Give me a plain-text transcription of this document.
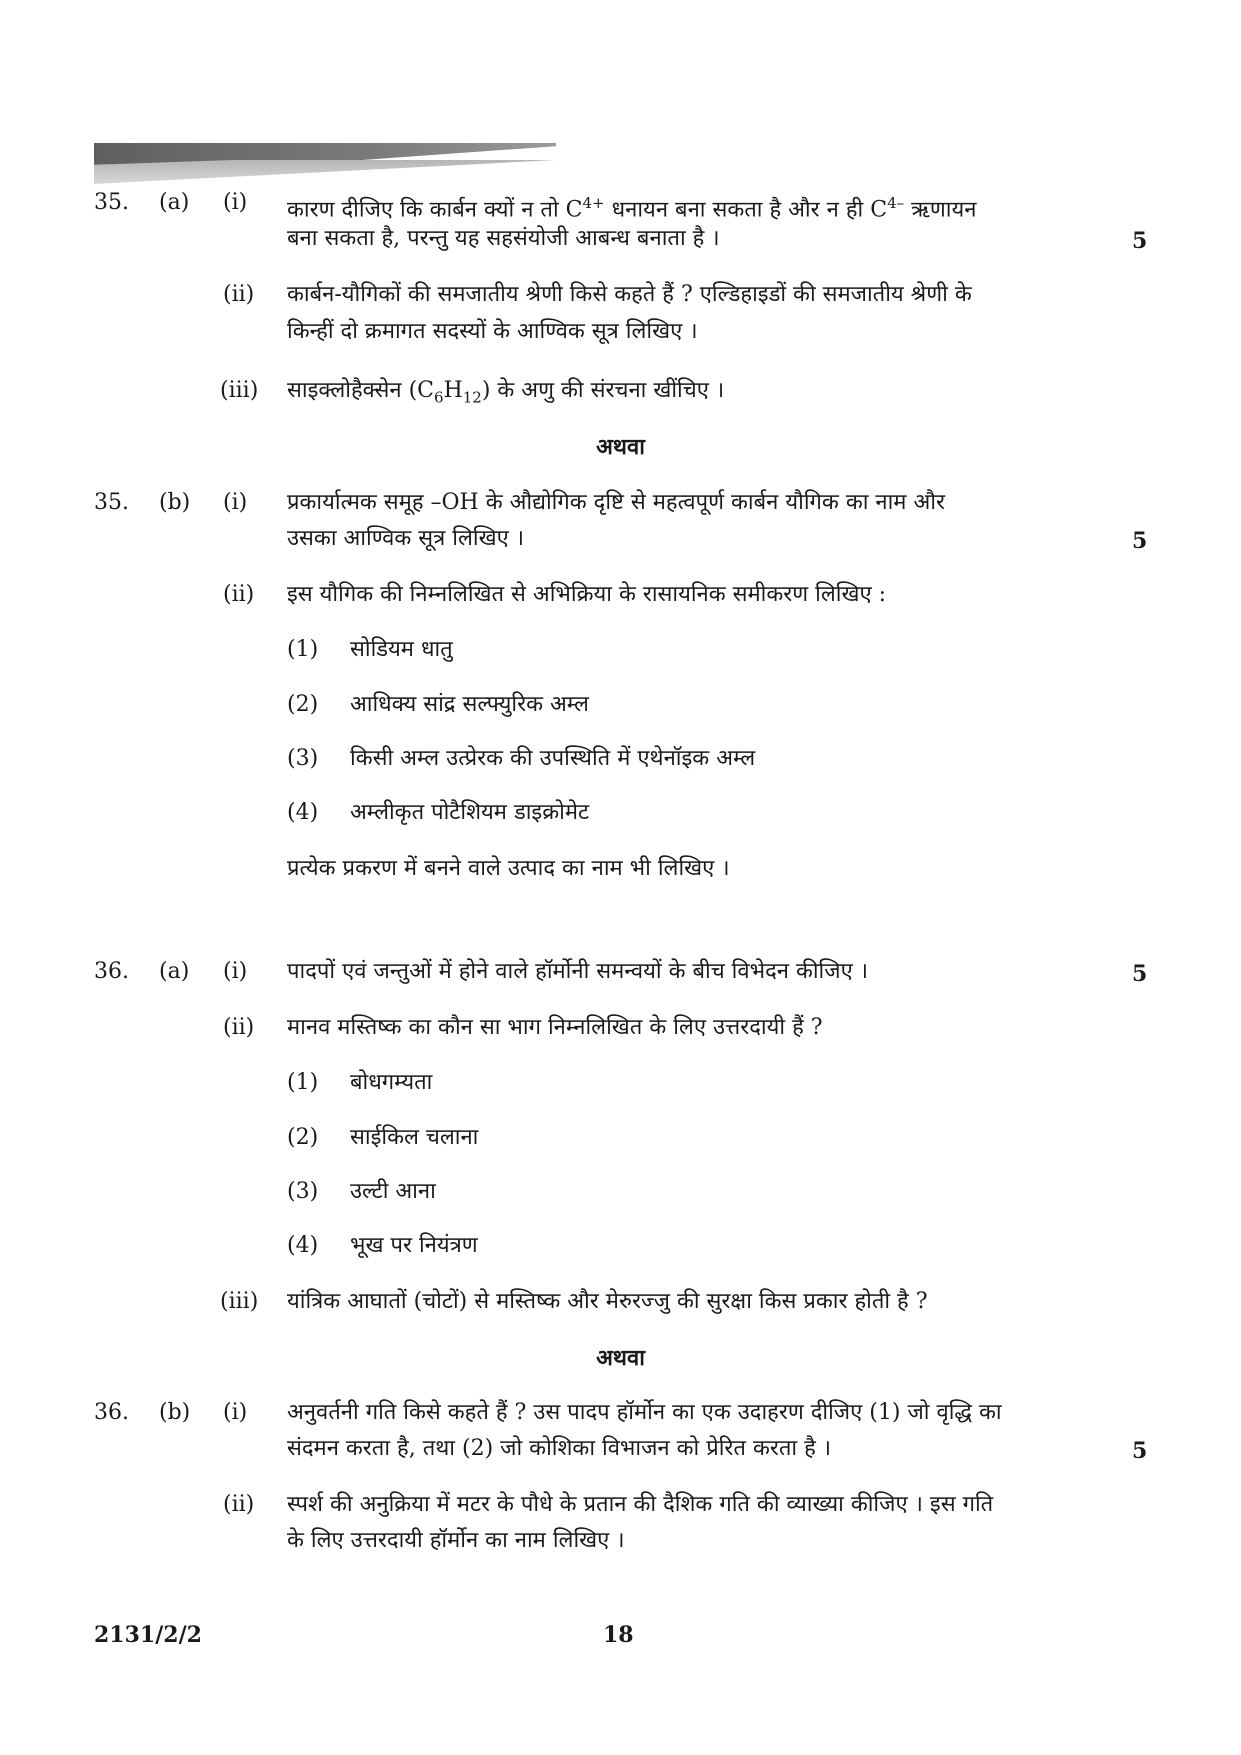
35. (a) (i) कारण दीजिए कि कार्बन क्यों न तो $C^{4+}$ धनायन बना सकता है और न ही $C^{4-}$ ऋणायन
बना सकता है, परन्तु यह सहसंयोजी आबन्ध बनाता है ।	5
(ii) कार्बन-यौगिकों की समजातीय श्रेणी किसे कहते हैं ? एल्डिहाइडों की समजातीय श्रेणी के
किन्हीं दो क्रमागत सदस्यों के आण्विक सूत्र लिखिए ।
(iii) साइक्लोहैक्सेन $(C_6H_{12})$ के अणु की संरचना खींचिए ।
अथवा
35. (b) (i) प्रकार्यात्मक समूह –OH के औद्योगिक दृष्टि से महत्वपूर्ण कार्बन यौगिक का नाम और
उसका आण्विक सूत्र लिखिए ।	5
(ii) इस यौगिक की निम्नलिखित से अभिक्रिया के रासायनिक समीकरण लिखिए :
(1) सोडियम धातु
(2) आधिक्य सांद्र सल्फ्युरिक अम्ल
(3) किसी अम्ल उत्प्रेरक की उपस्थिति में एथेनॉइक अम्ल
(4) अम्लीकृत पोटैशियम डाइक्रोमेट
प्रत्येक प्रकरण में बनने वाले उत्पाद का नाम भी लिखिए ।
36. (a) (i) पादपों एवं जन्तुओं में होने वाले हॉर्मोनी समन्वयों के बीच विभेदन कीजिए ।	5
(ii) मानव मस्तिष्क का कौन सा भाग निम्नलिखित के लिए उत्तरदायी हैं ?
(1) बोधगम्यता
(2) साईकिल चलाना
(3) उल्टी आना
(4) भूख पर नियंत्रण
(iii) यांत्रिक आघातों (चोटों) से मस्तिष्क और मेरुरज्जु की सुरक्षा किस प्रकार होती है ?
अथवा
36. (b) (i) अनुवर्तनी गति किसे कहते हैं ? उस पादप हॉर्मोन का एक उदाहरण दीजिए (1) जो वृद्धि का
संदमन करता है, तथा (2) जो कोशिका विभाजन को प्रेरित करता है ।	5
(ii) स्पर्श की अनुक्रिया में मटर के पौधे के प्रतान की दैशिक गति की व्याख्या कीजिए । इस गति
के लिए उत्तरदायी हॉर्मोन का नाम लिखिए ।
2131/2/2	18
